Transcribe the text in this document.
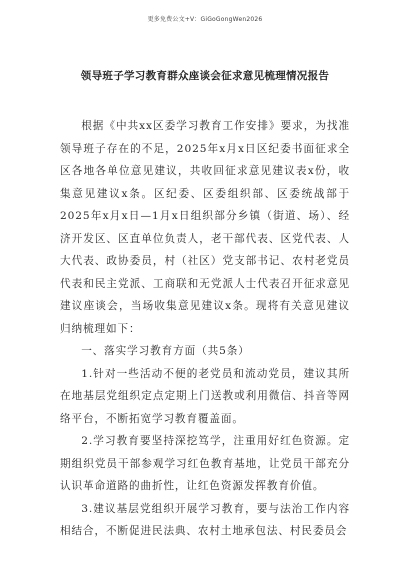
更多免费公文+V：GiGoGongWen2026
领导班子学习教育群众座谈会征求意见梳理情况报告

根据《中共xx区委学习教育工作安排》要求，为找准领导班子存在的不足，2025年x月x日区纪委书面征求全区各地各单位意见建议，共收回征求意见建议表x份，收集意见建议x条。区纪委、区委组织部、区委统战部于2025年x月x日—1月x日组织部分乡镇（街道、场）、经济开发区、区直单位负责人，老干部代表、区党代表、人大代表、政协委员，村（社区）党支部书记、农村老党员代表和民主党派、工商联和无党派人士代表召开征求意见建议座谈会，当场收集意见建议x条。现将有关意见建议归纳梳理如下：

一、落实学习教育方面（共5条）

1.针对一些活动不便的老党员和流动党员，建议其所在地基层党组织定点定期上门送教或利用微信、抖音等网络平台，不断拓宽学习教育覆盖面。

2.学习教育要坚持深挖笃学，注重用好红色资源。定期组织党员干部参观学习红色教育基地，让党员干部充分认识革命道路的曲折性，让红色资源发挥教育价值。

3.建议基层党组织开展学习教育，要与法治工作内容相结合，不断促进民法典、农村土地承包法、村民委员会
